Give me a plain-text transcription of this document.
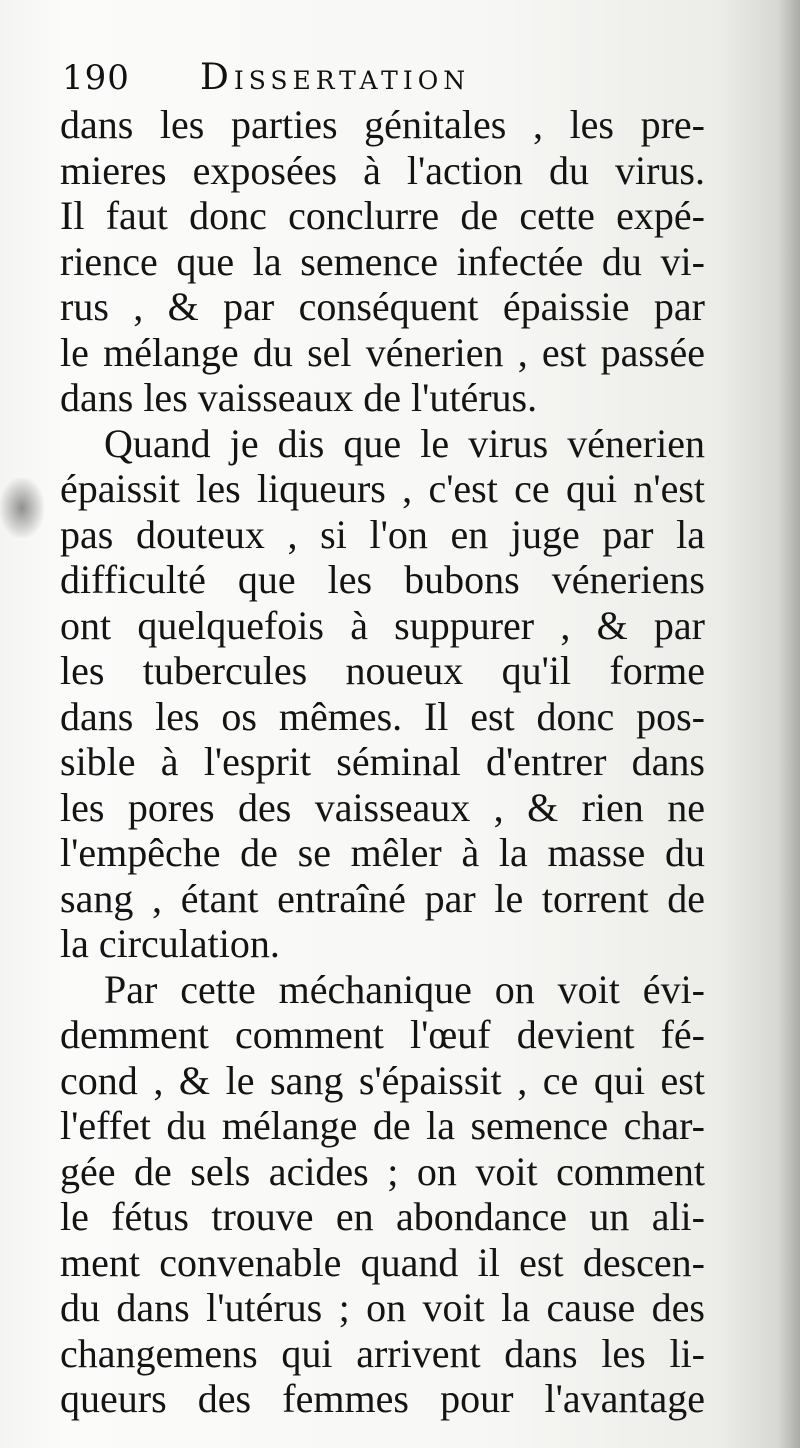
190 Dissertation
dans les parties génitales , les pre-
mieres exposées à l'action du virus.
Il faut donc conclurre de cette expé-
rience que la semence infectée du vi-
rus , & par conséquent épaissie par
le mélange du sel vénerien , est passée
dans les vaisseaux de l'utérus.
Quand je dis que le virus vénerien
épaissit les liqueurs , c'est ce qui n'est
pas douteux , si l'on en juge par la
difficulté que les bubons véneriens
ont quelquefois à suppurer , & par
les tubercules noueux qu'il forme
dans les os mêmes. Il est donc pos-
sible à l'esprit séminal d'entrer dans
les pores des vaisseaux , & rien ne
l'empêche de se mêler à la masse du
sang , étant entraîné par le torrent de
la circulation.
Par cette méchanique on voit évi-
demment comment l'œuf devient fé-
cond , & le sang s'épaissit , ce qui est
l'effet du mélange de la semence char-
gée de sels acides ; on voit comment
le fétus trouve en abondance un ali-
ment convenable quand il est descen-
du dans l'utérus ; on voit la cause des
changemens qui arrivent dans les li-
queurs des femmes pour l'avantage
